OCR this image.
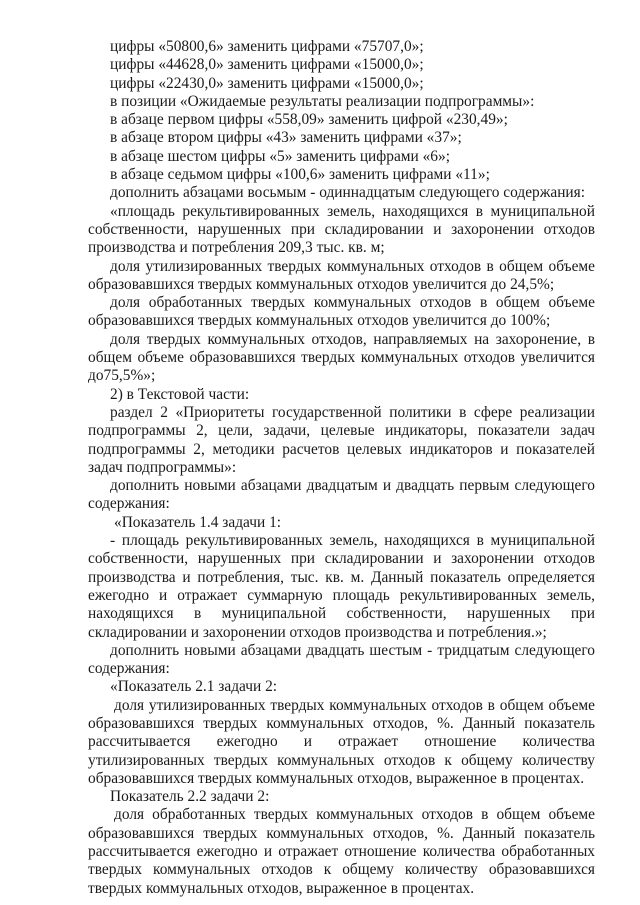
цифры «50800,6» заменить цифрами «75707,0»;

цифры «44628,0» заменить цифрами «15000,0»;

цифры «22430,0» заменить цифрами «15000,0»;

в позиции «Ожидаемые результаты реализации подпрограммы»:

в абзаце первом цифры «558,09» заменить цифрой «230,49»;

в абзаце втором цифры «43» заменить цифрами «37»;

в абзаце шестом цифры «5» заменить цифрами «6»;

в абзаце седьмом цифры «100,6» заменить цифрами «11»;

дополнить абзацами восьмым - одиннадцатым следующего содержания:

«площадь рекультивированных земель, находящихся в муниципальной собственности, нарушенных при складировании и захоронении отходов производства и потребления 209,3 тыс. кв. м;

доля утилизированных твердых коммунальных отходов в общем объеме образовавшихся твердых коммунальных отходов увеличится до 24,5%;

доля обработанных твердых коммунальных отходов в общем объеме образовавшихся твердых коммунальных отходов увеличится до 100%;

доля твердых коммунальных отходов, направляемых на захоронение, в общем объеме образовавшихся твердых коммунальных отходов увеличится до75,5%»;

2) в Текстовой части:

раздел 2 «Приоритеты государственной политики в сфере реализации подпрограммы 2, цели, задачи, целевые индикаторы, показатели задач подпрограммы 2, методики расчетов целевых индикаторов и показателей задач подпрограммы»:

дополнить новыми абзацами двадцатым и двадцать первым следующего содержания:

«Показатель 1.4 задачи 1:

- площадь рекультивированных земель, находящихся в муниципальной собственности, нарушенных при складировании и захоронении отходов производства и потребления, тыс. кв. м. Данный показатель определяется ежегодно и отражает суммарную площадь рекультивированных земель, находящихся в муниципальной собственности, нарушенных при складировании и захоронении отходов производства и потребления.»;

дополнить новыми абзацами двадцать шестым - тридцатым следующего содержания:

«Показатель 2.1 задачи 2:

доля утилизированных твердых коммунальных отходов в общем объеме образовавшихся твердых коммунальных отходов, %. Данный показатель рассчитывается ежегодно и отражает отношение количества утилизированных твердых коммунальных отходов к общему количеству образовавшихся твердых коммунальных отходов, выраженное в процентах.

Показатель 2.2 задачи 2:

доля обработанных твердых коммунальных отходов в общем объеме образовавшихся твердых коммунальных отходов, %. Данный показатель рассчитывается ежегодно и отражает отношение количества обработанных твердых коммунальных отходов к общему количеству образовавшихся твердых коммунальных отходов, выраженное в процентах.
